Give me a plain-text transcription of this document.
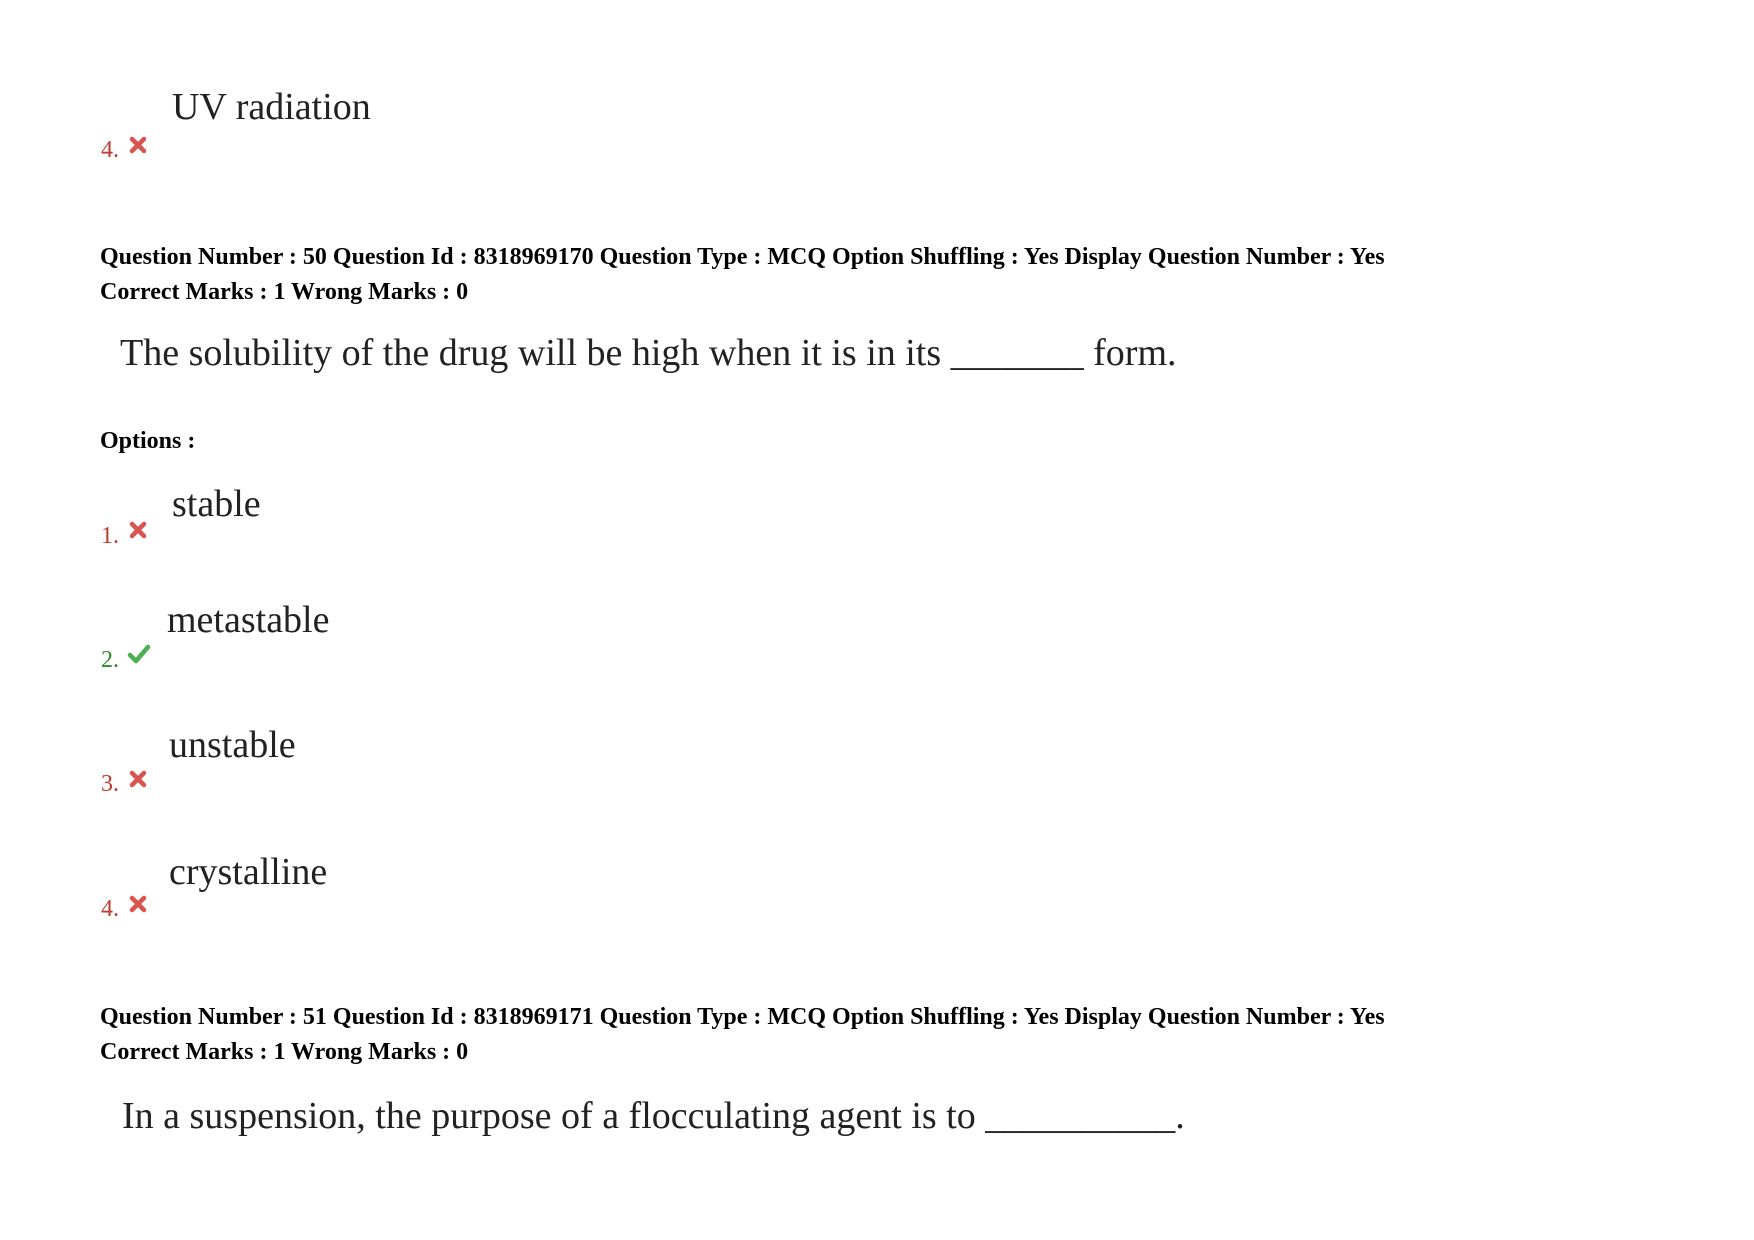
UV radiation
4.
Question Number : 50 Question Id : 8318969170 Question Type : MCQ Option Shuffling : Yes Display Question Number : Yes
Correct Marks : 1 Wrong Marks : 0
The solubility of the drug will be high when it is in its _______ form.
Options :
stable
1.
metastable
2.
unstable
3.
crystalline
4.
Question Number : 51 Question Id : 8318969171 Question Type : MCQ Option Shuffling : Yes Display Question Number : Yes
Correct Marks : 1 Wrong Marks : 0
In a suspension, the purpose of a flocculating agent is to __________.
